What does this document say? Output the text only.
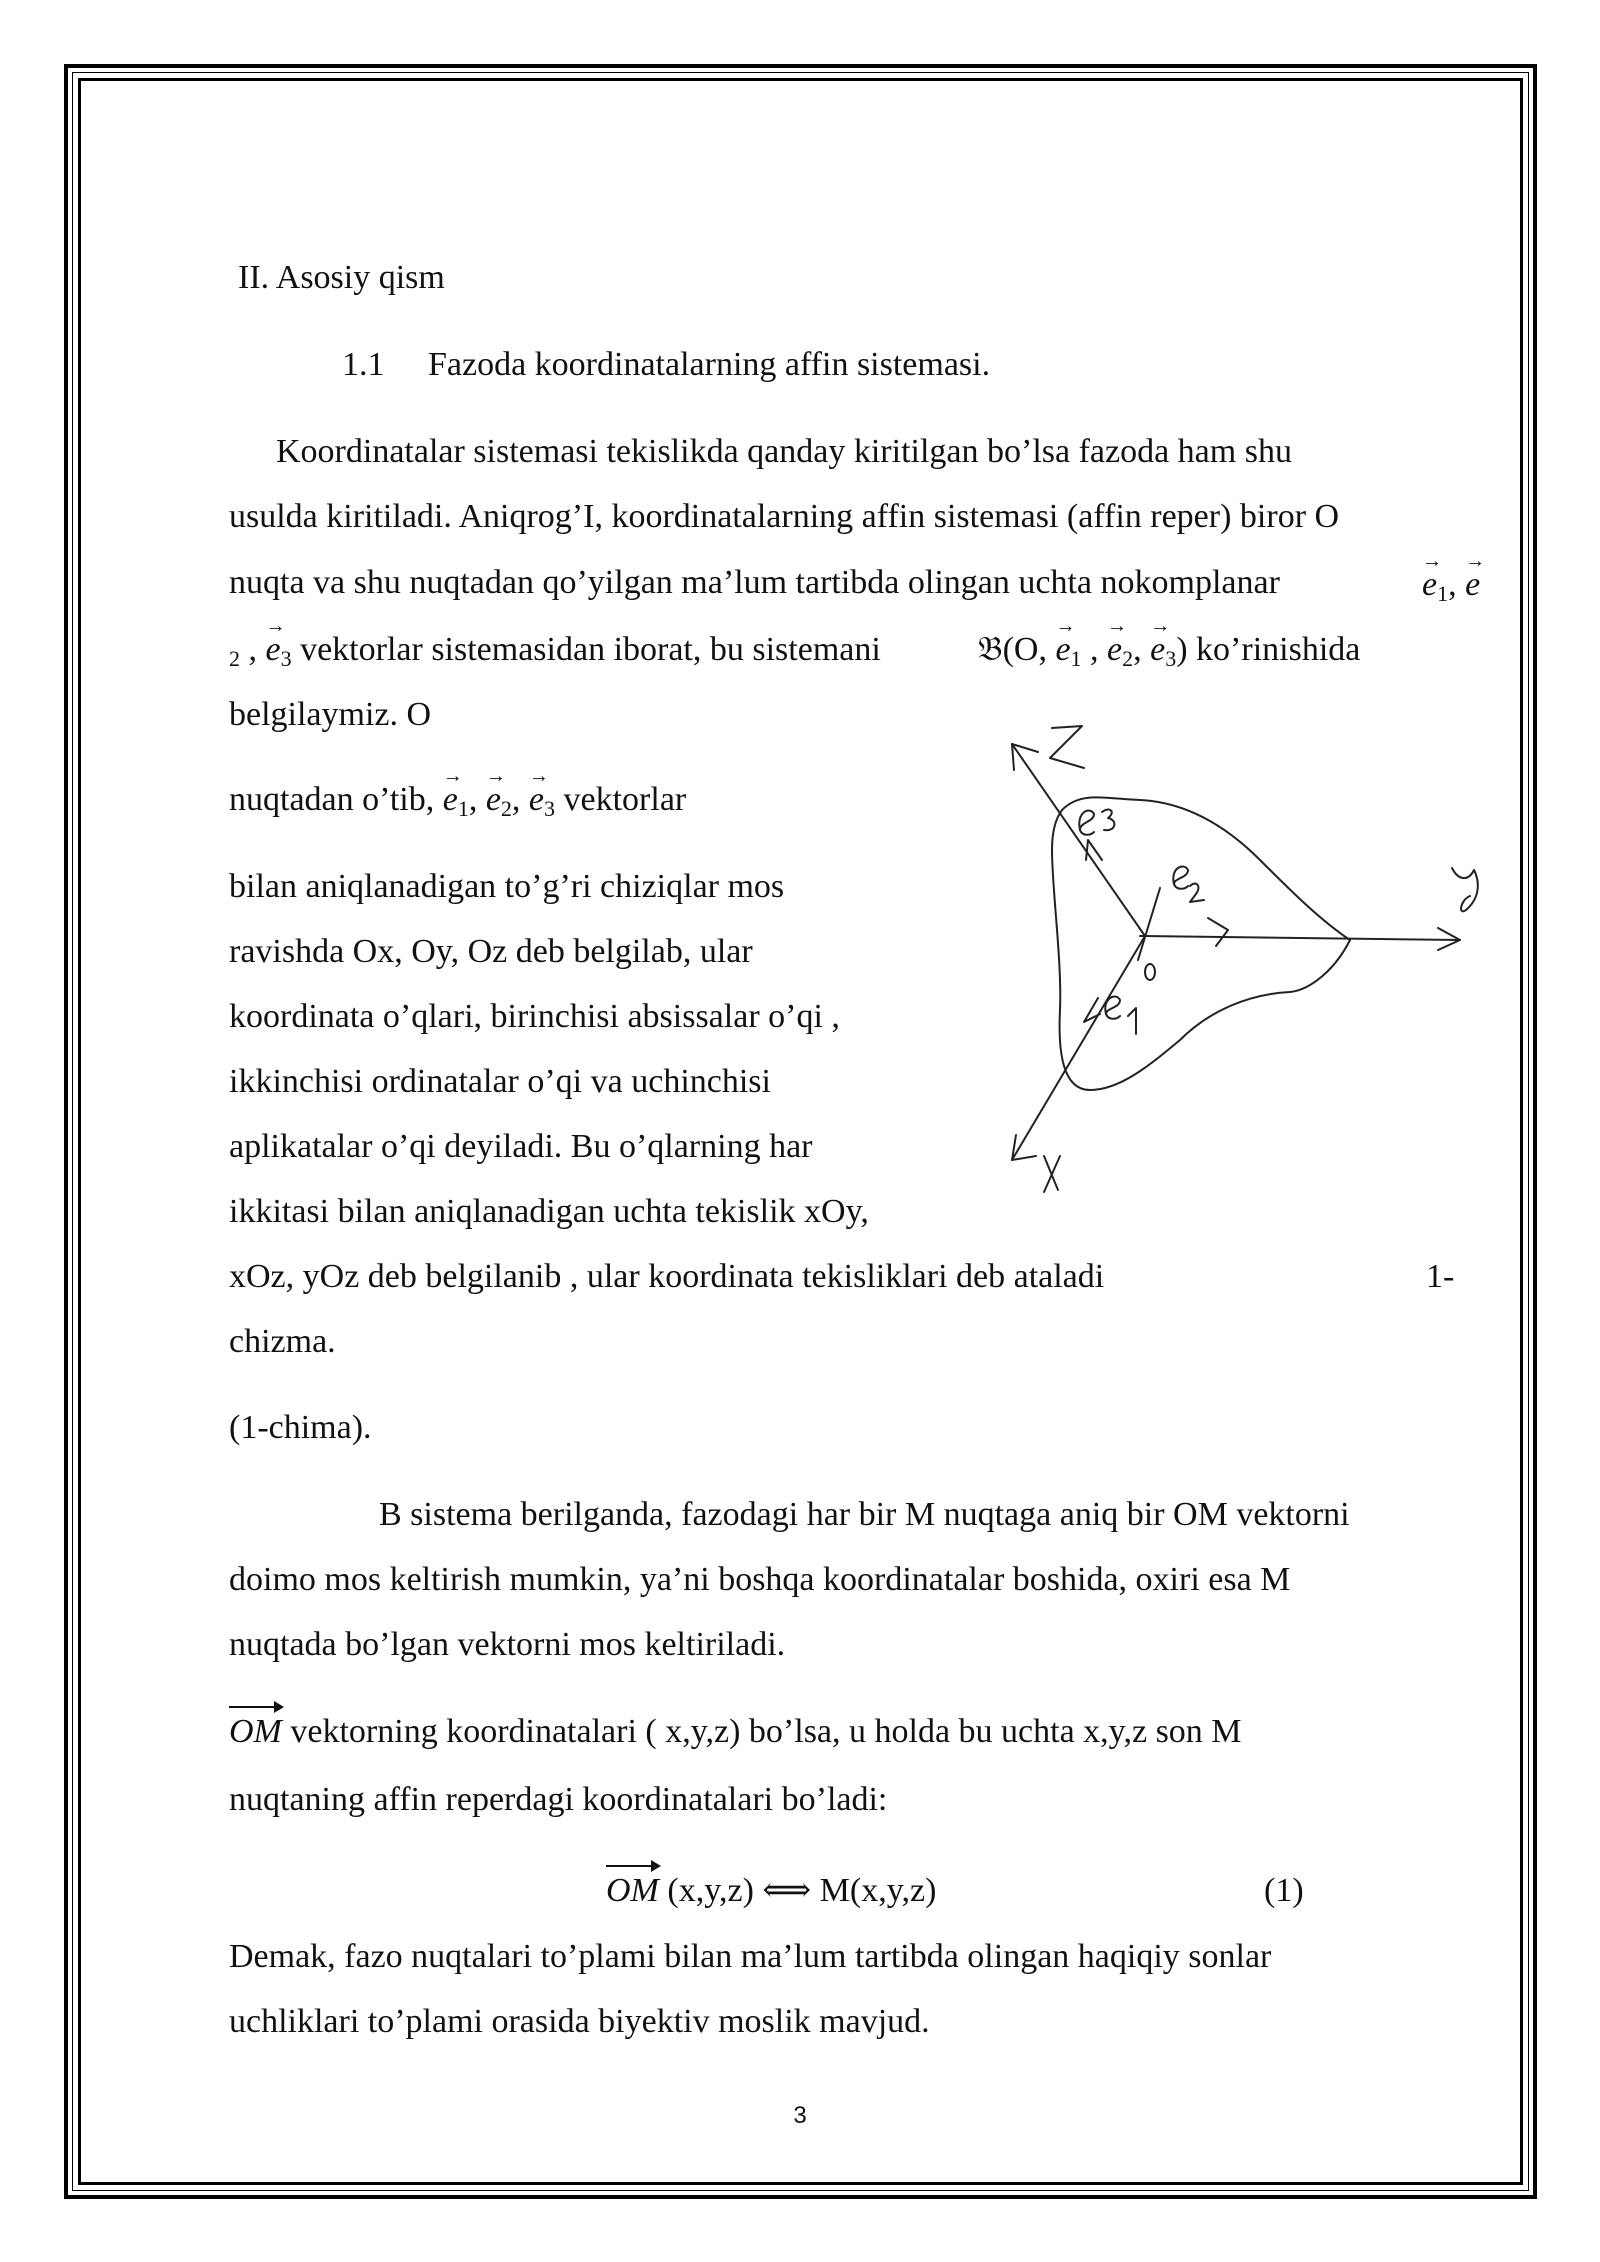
II. Asosiy qism
1.1 Fazoda koordinatalarning affin sistemasi.
Koordinatalar sistemasi tekislikda qanday kiritilgan bo’lsa fazoda ham shu
usulda kiritiladi. Aniqrog’I, koordinatalarning affin sistemasi (affin reper) biror O
nuqta va shu nuqtadan qo’yilgan ma’lum tartibda olingan uchta nokomplanar
→
$e_1$,
→
e
$_2$ ,
→
$e_3$ vektorlar sistemasidan iborat, bu sistemani	𝔅(O,
→
$e_1$ ,
→
$e_2$,
→
$e_3$) ko’rinishida
belgilaymiz. O
nuqtadan o’tib,
→
$e_1$,
→
$e_2$,
→
$e_3$ vektorlar
bilan aniqlanadigan to’g’ri chiziqlar mos
ravishda Ox, Oy, Oz deb belgilab, ular
koordinata o’qlari, birinchisi absissalar o’qi ,
ikkinchisi ordinatalar o’qi va uchinchisi
aplikatalar o’qi deyiladi. Bu o’qlarning har
ikkitasi bilan aniqlanadigan uchta tekislik xOy,
xOz, yOz deb belgilanib , ular koordinata tekisliklari deb ataladi	1-
chizma.
(1-chima).
B sistema berilganda, fazodagi har bir M nuqtaga aniq bir OM vektorni
doimo mos keltirish mumkin, ya’ni boshqa koordinatalar boshida, oxiri esa M
nuqtada bo’lgan vektorni mos keltiriladi.
OM vektorning koordinatalari ( x,y,z) bo’lsa, u holda bu uchta x,y,z son M
nuqtaning affin reperdagi koordinatalari bo’ladi:
OM (x,y,z) ⟺ M(x,y,z)	(1)
Demak, fazo nuqtalari to’plami bilan ma’lum tartibda olingan haqiqiy sonlar
uchliklari to’plami orasida biyektiv moslik mavjud.
3
